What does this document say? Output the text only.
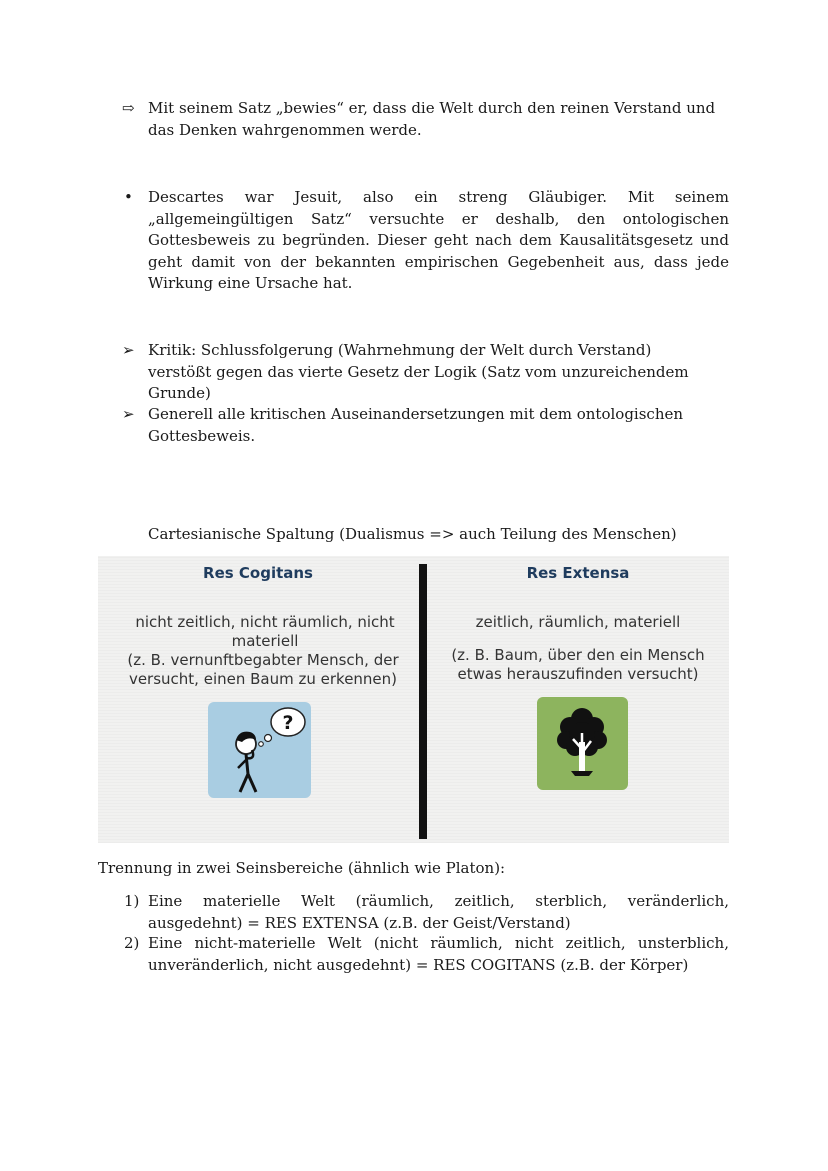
⇨ Mit seinem Satz „bewies“ er, dass die Welt durch den reinen Verstand und
das Denken wahrgenommen werde.
• Descartes war Jesuit, also ein streng Gläubiger. Mit seinem
„allgemeingültigen Satz“ versuchte er deshalb, den ontologischen
Gottesbeweis zu begründen. Dieser geht nach dem Kausalitätsgesetz und
geht damit von der bekannten empirischen Gegebenheit aus, dass jede
Wirkung eine Ursache hat.
➢ Kritik: Schlussfolgerung (Wahrnehmung der Welt durch Verstand)
verstößt gegen das vierte Gesetz der Logik (Satz vom unzureichendem
Grunde)
➢ Generell alle kritischen Auseinandersetzungen mit dem ontologischen
Gottesbeweis.
Cartesianische Spaltung (Dualismus => auch Teilung des Menschen)
Res Cogitans
nicht zeitlich, nicht räumlich, nicht
materiell
(z. B. vernunftbegabter Mensch, der
versucht, einen Baum zu erkennen)
?
Res Extensa
zeitlich, räumlich, materiell
(z. B. Baum, über den ein Mensch
etwas herauszufinden versucht)
Trennung in zwei Seinsbereiche (ähnlich wie Platon):
1) Eine materielle Welt (räumlich, zeitlich, sterblich, veränderlich,
ausgedehnt) = RES EXTENSA (z.B. der Geist/Verstand)
2) Eine nicht-materielle Welt (nicht räumlich, nicht zeitlich, unsterblich,
unveränderlich, nicht ausgedehnt) = RES COGITANS (z.B. der Körper)
